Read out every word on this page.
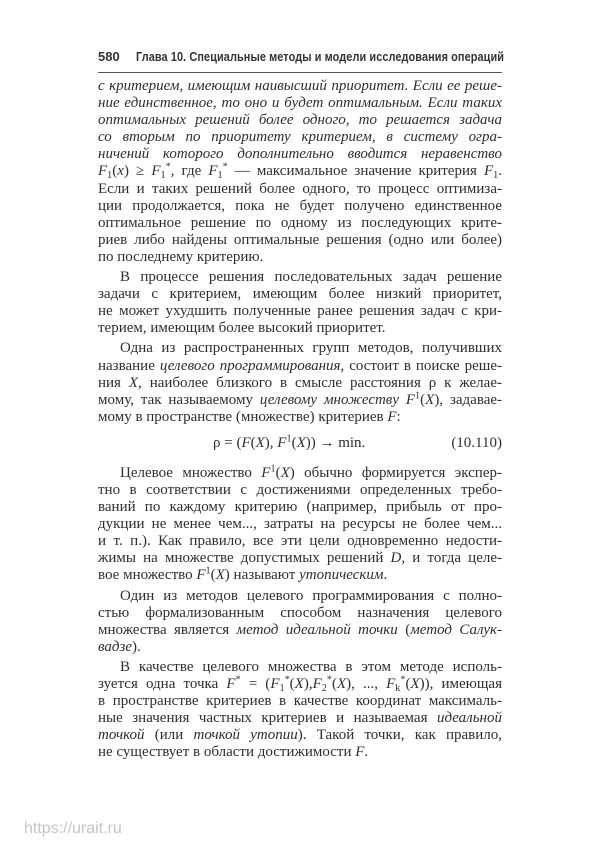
580 Глава 10. Специальные методы и модели исследования операций
с критерием, имеющим наивысший приоритет. Если ее реше-
ние единственное, то оно и будет оптимальным. Если таких
оптимальных решений более одного, то решается задача
со вторым по приоритету критерием, в систему огра-
ничений которого дополнительно вводится неравенство
$F_1(x) \ge F_1^*$, где $F_1^*$ — максимальное значение критерия $F_1$.
Если и таких решений более одного, то процесс оптимиза-
ции продолжается, пока не будет получено единственное
оптимальное решение по одному из последующих крите-
риев либо найдены оптимальные решения (одно или более)
по последнему критерию.
В процессе решения последовательных задач решение
задачи с критерием, имеющим более низкий приоритет,
не может ухудшить полученные ранее решения задач с кри-
терием, имеющим более высокий приоритет.
Одна из распространенных групп методов, получивших
название целевого программирования, состоит в поиске реше-
ния X, наиболее близкого в смысле расстояния ρ к желае-
мому, так называемому целевому множеству $F^1(X)$, задавае-
мому в пространстве (множестве) критериев F:
ρ = (F(X), $F^1(X)) \to \min$.	(10.110)
Целевое множество $F^1(X)$ обычно формируется экспер-
тно в соответствии с достижениями определенных требо-
ваний по каждому критерию (например, прибыль от про-
дукции не менее чем..., затраты на ресурсы не более чем...
и т. п.). Как правило, все эти цели одновременно недости-
жимы на множестве допустимых решений D, и тогда целе-
вое множество $F^1(X)$ называют утопическим.
Один из методов целевого программирования с полно-
стью формализованным способом назначения целевого
множества является метод идеальной точки (метод Салук-
вадзе).
В качестве целевого множества в этом методе исполь-
зуется одна точка $F^* = (F_1^*(X),F_2^*(X)$, ..., $F_k^*(X)$), имеющая
в пространстве критериев в качестве координат максималь-
ные значения частных критериев и называемая идеальной
точкой (или точкой утопии). Такой точки, как правило,
не существует в области достижимости F.
https://urait.ru
